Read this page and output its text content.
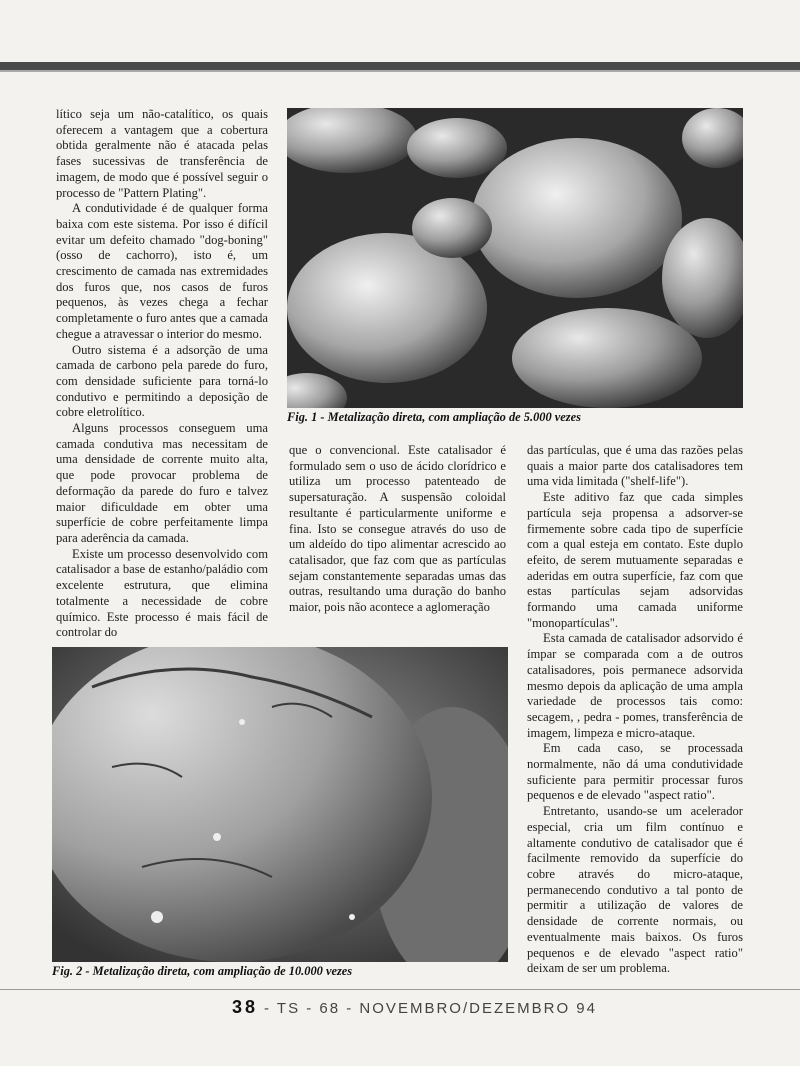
lítico seja um não-catalítico, os quais oferecem a vantagem que a cobertura obtida geralmente não é atacada pelas fases sucessivas de transferência de imagem, de modo que é possível seguir o processo de "Pattern Plating".

A condutividade é de qualquer forma baixa com este sistema. Por isso é difícil evitar um defeito chamado "dog-boning" (osso de cachorro), isto é, um crescimento de camada nas extremidades dos furos que, nos casos de furos pequenos, às vezes chega a fechar completamente o furo antes que a camada chegue a atravessar o interior do mesmo.

Outro sistema é a adsorção de uma camada de carbono pela parede do furo, com densidade suficiente para torná-lo condutivo e permitindo a deposição de cobre eletrolítico.

Alguns processos conseguem uma camada condutiva mas necessitam de uma densidade de corrente muito alta, que pode provocar problema de deformação da parede do furo e talvez maior dificuldade em obter uma superfície de cobre perfeitamente limpa para aderência da camada.

Existe um processo desenvolvido com catalisador a base de estanho/paládio com excelente estrutura, que elimina totalmente a necessidade de cobre químico. Este processo é mais fácil de controlar do

Fig. 1 - Metalização direta, com ampliação de 5.000 vezes

que o convencional. Este catalisador é formulado sem o uso de ácido clorídrico e utiliza um processo patenteado de supersaturação. A suspensão coloidal resultante é particularmente uniforme e fina. Isto se consegue através do uso de um aldeído do tipo alimentar acrescido ao catalisador, que faz com que as partículas sejam constantemente separadas umas das outras, resultando uma duração do banho maior, pois não acontece a aglomeração

das partículas, que é uma das razões pelas quais a maior parte dos catalisadores tem uma vida limitada ("shelf-life").

Este aditivo faz que cada simples partícula seja propensa a adsorver-se firmemente sobre cada tipo de superfície com a qual esteja em contato. Este duplo efeito, de serem mutuamente separadas e aderidas em outra superfície, faz com que estas partículas sejam adsorvidas formando uma camada uniforme "monopartículas".

Esta camada de catalisador adsorvido é ímpar se comparada com a de outros catalisadores, pois permanece adsorvida mesmo depois da aplicação de uma ampla variedade de processos tais como: secagem, , pedra - pomes, transferência de imagem, limpeza e micro-ataque.

Em cada caso, se processada normalmente, não dá uma condutividade suficiente para permitir processar furos pequenos e de elevado "aspect ratio".

Entretanto, usando-se um acelerador especial, cria um film contínuo e altamente condutivo de catalisador que é facilmente removido da superfície do cobre através do micro-ataque, permanecendo condutivo a tal ponto de permitir a utilização de valores de densidade de corrente normais, ou eventualmente mais baixos. Os furos pequenos e de elevado "aspect ratio" deixam de ser um problema.

Fig. 2 - Metalização direta, com ampliação de 10.000 vezes
38 - TS - 68 - NOVEMBRO/DEZEMBRO 94
